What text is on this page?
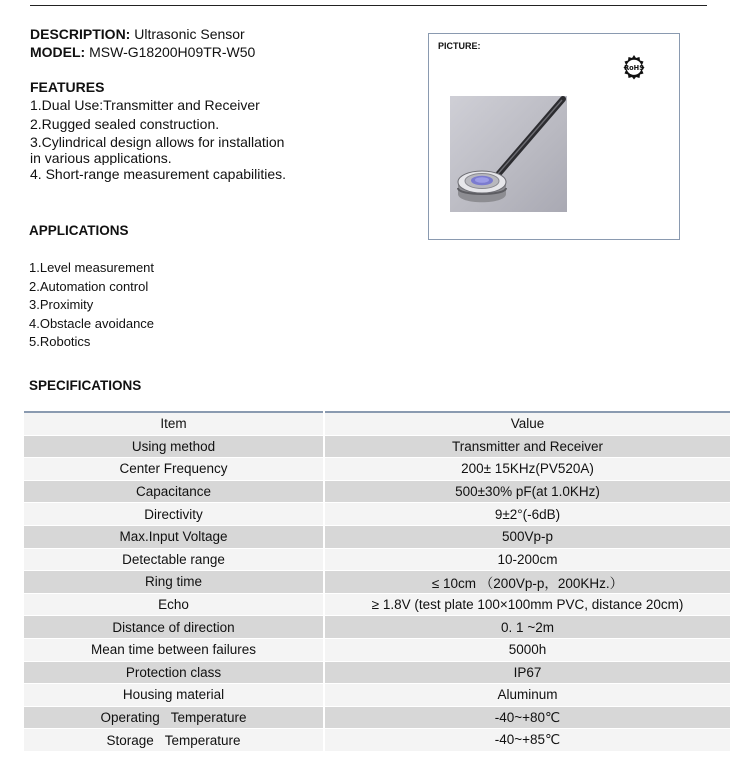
DESCRIPTION: Ultrasonic Sensor
MODEL: MSW-G18200H09TR-W50
FEATURES
1.Dual Use:Transmitter and Receiver
2.Rugged sealed construction.
3.Cylindrical design allows for installation
in various applications.
4. Short-range measurement capabilities.
PICTURE:
RoHS
APPLICATIONS
1.Level measurement
2.Automation control
3.Proximity
4.Obstacle avoidance
5.Robotics
SPECIFICATIONS
Item	Value
Using method	Transmitter and Receiver
Center Frequency	200± 15KHz(PV520A)
Capacitance	500±30% pF(at 1.0KHz)
Directivity	9±2°(-6dB)
Max.Input Voltage	500Vp-p
Detectable range	10-200cm
Ring time	≤ 10cm （200Vp-p，200KHz.）
Echo	≥ 1.8V (test plate 100×100mm PVC, distance 20cm)
Distance of direction	0. 1 ~2m
Mean time between failures	5000h
Protection class	IP67
Housing material	Aluminum
Operating   Temperature	-40~+80℃
Storage   Temperature	-40~+85℃
